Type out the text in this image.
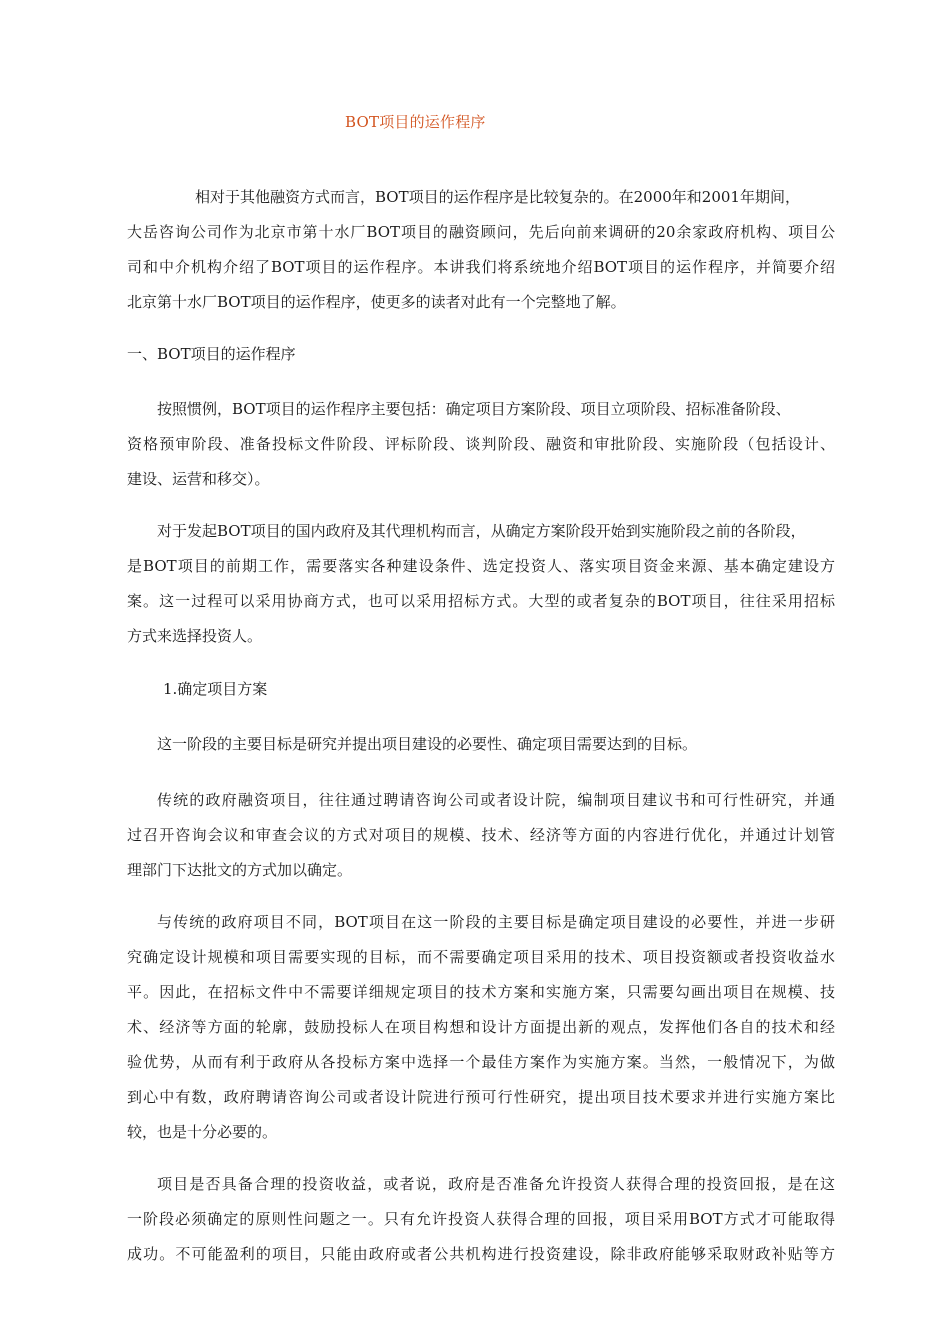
BOT项目的运作程序

相对于其他融资方式而言，BOT项目的运作程序是比较复杂的。在2000年和2001年期间，

大岳咨询公司作为北京市第十水厂BOT项目的融资顾问，先后向前来调研的20余家政府机构、项目公

司和中介机构介绍了BOT项目的运作程序。本讲我们将系统地介绍BOT项目的运作程序，并简要介绍

北京第十水厂BOT项目的运作程序，使更多的读者对此有一个完整地了解。

一、BOT项目的运作程序

按照惯例，BOT项目的运作程序主要包括：确定项目方案阶段、项目立项阶段、招标准备阶段、

资格预审阶段、准备投标文件阶段、评标阶段、谈判阶段、融资和审批阶段、实施阶段（包括设计、

建设、运营和移交）。

对于发起BOT项目的国内政府及其代理机构而言，从确定方案阶段开始到实施阶段之前的各阶段，

是BOT项目的前期工作，需要落实各种建设条件、选定投资人、落实项目资金来源、基本确定建设方

案。这一过程可以采用协商方式，也可以采用招标方式。大型的或者复杂的BOT项目，往往采用招标

方式来选择投资人。

1.确定项目方案

这一阶段的主要目标是研究并提出项目建设的必要性、确定项目需要达到的目标。

传统的政府融资项目，往往通过聘请咨询公司或者设计院，编制项目建议书和可行性研究，并通

过召开咨询会议和审查会议的方式对项目的规模、技术、经济等方面的内容进行优化，并通过计划管

理部门下达批文的方式加以确定。

与传统的政府项目不同，BOT项目在这一阶段的主要目标是确定项目建设的必要性，并进一步研

究确定设计规模和项目需要实现的目标，而不需要确定项目采用的技术、项目投资额或者投资收益水

平。因此，在招标文件中不需要详细规定项目的技术方案和实施方案，只需要勾画出项目在规模、技

术、经济等方面的轮廓，鼓励投标人在项目构想和设计方面提出新的观点，发挥他们各自的技术和经

验优势，从而有利于政府从各投标方案中选择一个最佳方案作为实施方案。当然，一般情况下，为做

到心中有数，政府聘请咨询公司或者设计院进行预可行性研究，提出项目技术要求并进行实施方案比

较，也是十分必要的。

项目是否具备合理的投资收益，或者说，政府是否准备允许投资人获得合理的投资回报，是在这

一阶段必须确定的原则性问题之一。只有允许投资人获得合理的回报，项目采用BOT方式才可能取得

成功。不可能盈利的项目，只能由政府或者公共机构进行投资建设，除非政府能够采取财政补贴等方
